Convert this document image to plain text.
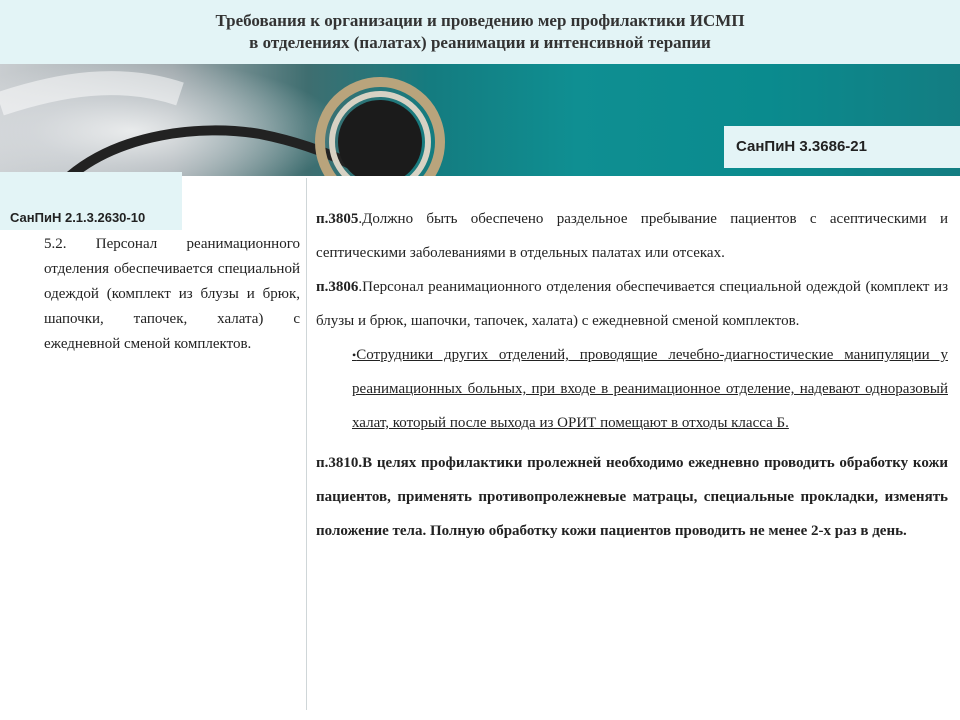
Требования к организации и проведению мер профилактики ИСМП
в отделениях (палатах) реанимации и интенсивной терапии
СанПиН 3.3686-21
СанПиН 2.1.3.2630-10
5.2. Персонал реанимационного отделения обеспечивается специальной одеждой (комплект из блузы и брюк, шапочки, тапочек, халата) с ежедневной сменой комплектов.

п.3805.Должно быть обеспечено раздельное пребывание пациентов с асептическими и септическими заболеваниями в отдельных палатах или отсеках.

п.3806.Персонал реанимационного отделения обеспечивается специальной одеждой (комплект из блузы и брюк, шапочки, тапочек, халата) с ежедневной сменой комплектов.

•Сотрудники других отделений, проводящие лечебно-диагностические манипуляции у реанимационных больных, при входе в реанимационное отделение, надевают одноразовый халат, который после выхода из ОРИТ помещают в отходы класса Б.

п.3810.В целях профилактики пролежней необходимо ежедневно проводить обработку кожи пациентов, применять противопролежневые матрацы, специальные прокладки, изменять положение тела. Полную обработку кожи пациентов проводить не менее 2-х раз в день.
